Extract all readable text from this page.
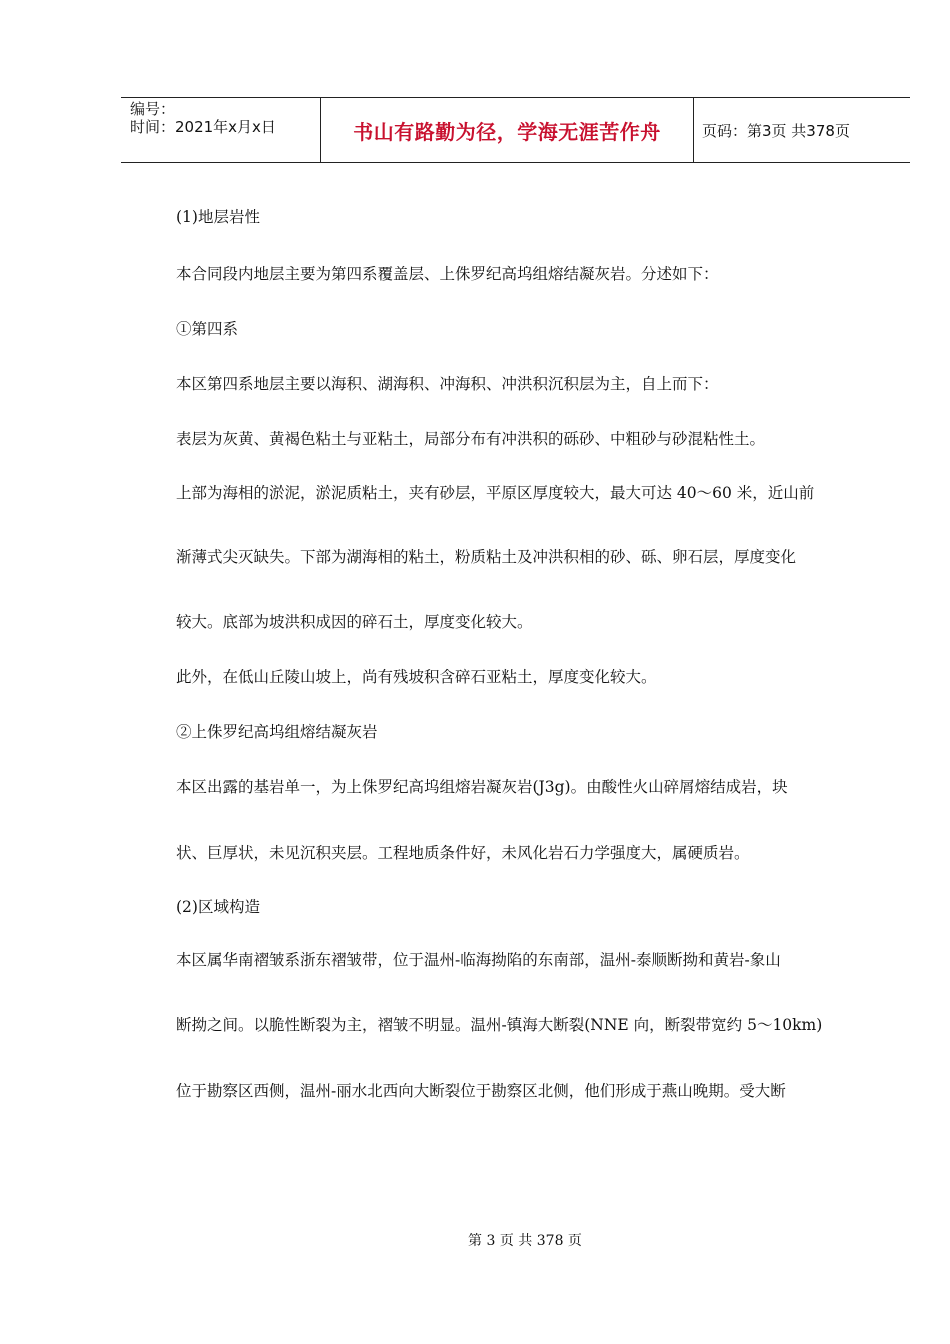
编号：
时间：2021年x月x日	书山有路勤为径，学海无涯苦作舟	页码：第3页 共378页
(1)地层岩性
本合同段内地层主要为第四系覆盖层、上侏罗纪高坞组熔结凝灰岩。分述如下：
①第四系
本区第四系地层主要以海积、湖海积、冲海积、冲洪积沉积层为主，自上而下：
表层为灰黄、黄褐色粘土与亚粘土，局部分布有冲洪积的砾砂、中粗砂与砂混粘性土。
上部为海相的淤泥，淤泥质粘土，夹有砂层，平原区厚度较大，最大可达 40～60 米，近山前
渐薄式尖灭缺失。下部为湖海相的粘土，粉质粘土及冲洪积相的砂、砾、卵石层，厚度变化
较大。底部为坡洪积成因的碎石土，厚度变化较大。
此外，在低山丘陵山坡上，尚有残坡积含碎石亚粘土，厚度变化较大。
②上侏罗纪高坞组熔结凝灰岩
本区出露的基岩单一，为上侏罗纪高坞组熔岩凝灰岩(J3g)。由酸性火山碎屑熔结成岩，块
状、巨厚状，未见沉积夹层。工程地质条件好，未风化岩石力学强度大，属硬质岩。
(2)区域构造
本区属华南褶皱系浙东褶皱带，位于温州-临海拗陷的东南部，温州-泰顺断拗和黄岩-象山
断拗之间。以脆性断裂为主，褶皱不明显。温州-镇海大断裂(NNE 向，断裂带宽约 5～10km)
位于勘察区西侧，温州-丽水北西向大断裂位于勘察区北侧，他们形成于燕山晚期。受大断
第 3 页 共 378 页
